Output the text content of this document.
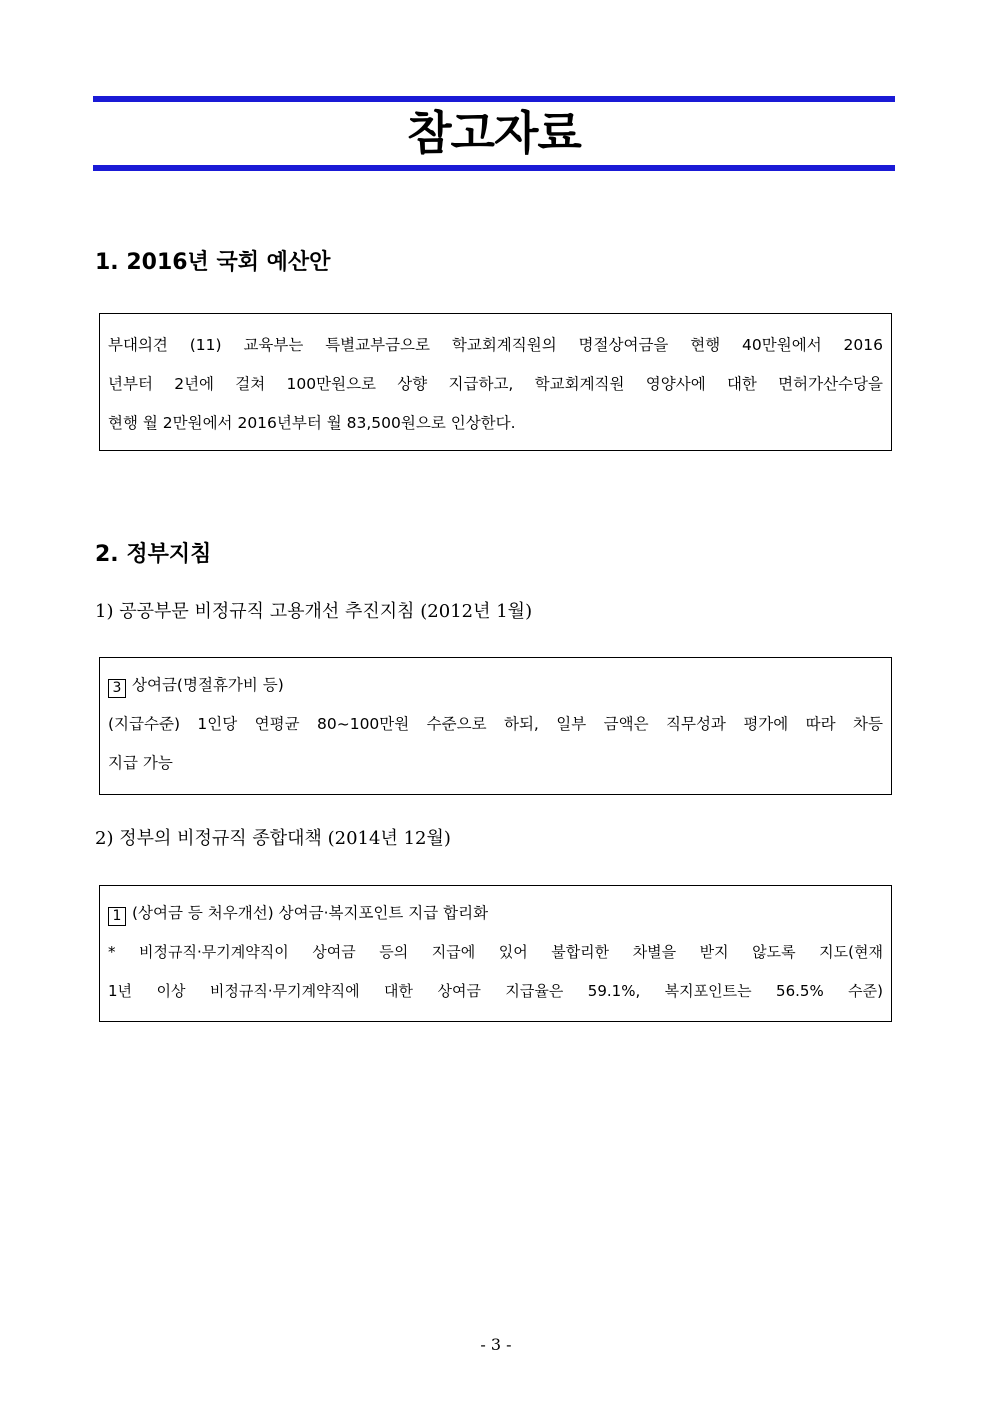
참고자료
1. 2016년 국회 예산안
부대의견 (11) 교육부는 특별교부금으로 학교회계직원의 명절상여금을 현행 40만원에서 2016
년부터 2년에 걸쳐 100만원으로 상향 지급하고, 학교회계직원 영양사에 대한 면허가산수당을
현행 월 2만원에서 2016년부터 월 83,500원으로 인상한다.
2. 정부지침
1) 공공부문 비정규직 고용개선 추진지침 (2012년 1월)
3 상여금(명절휴가비 등)
(지급수준) 1인당 연평균 80~100만원 수준으로 하되, 일부 금액은 직무성과 평가에 따라 차등
지급 가능
2) 정부의 비정규직 종합대책 (2014년 12월)
1 (상여금 등 처우개선) 상여금·복지포인트 지급 합리화
* 비정규직·무기계약직이 상여금 등의 지급에 있어 불합리한 차별을 받지 않도록 지도(현재
1년 이상 비정규직·무기계약직에 대한 상여금 지급율은 59.1%, 복지포인트는 56.5% 수준)
- 3 -
